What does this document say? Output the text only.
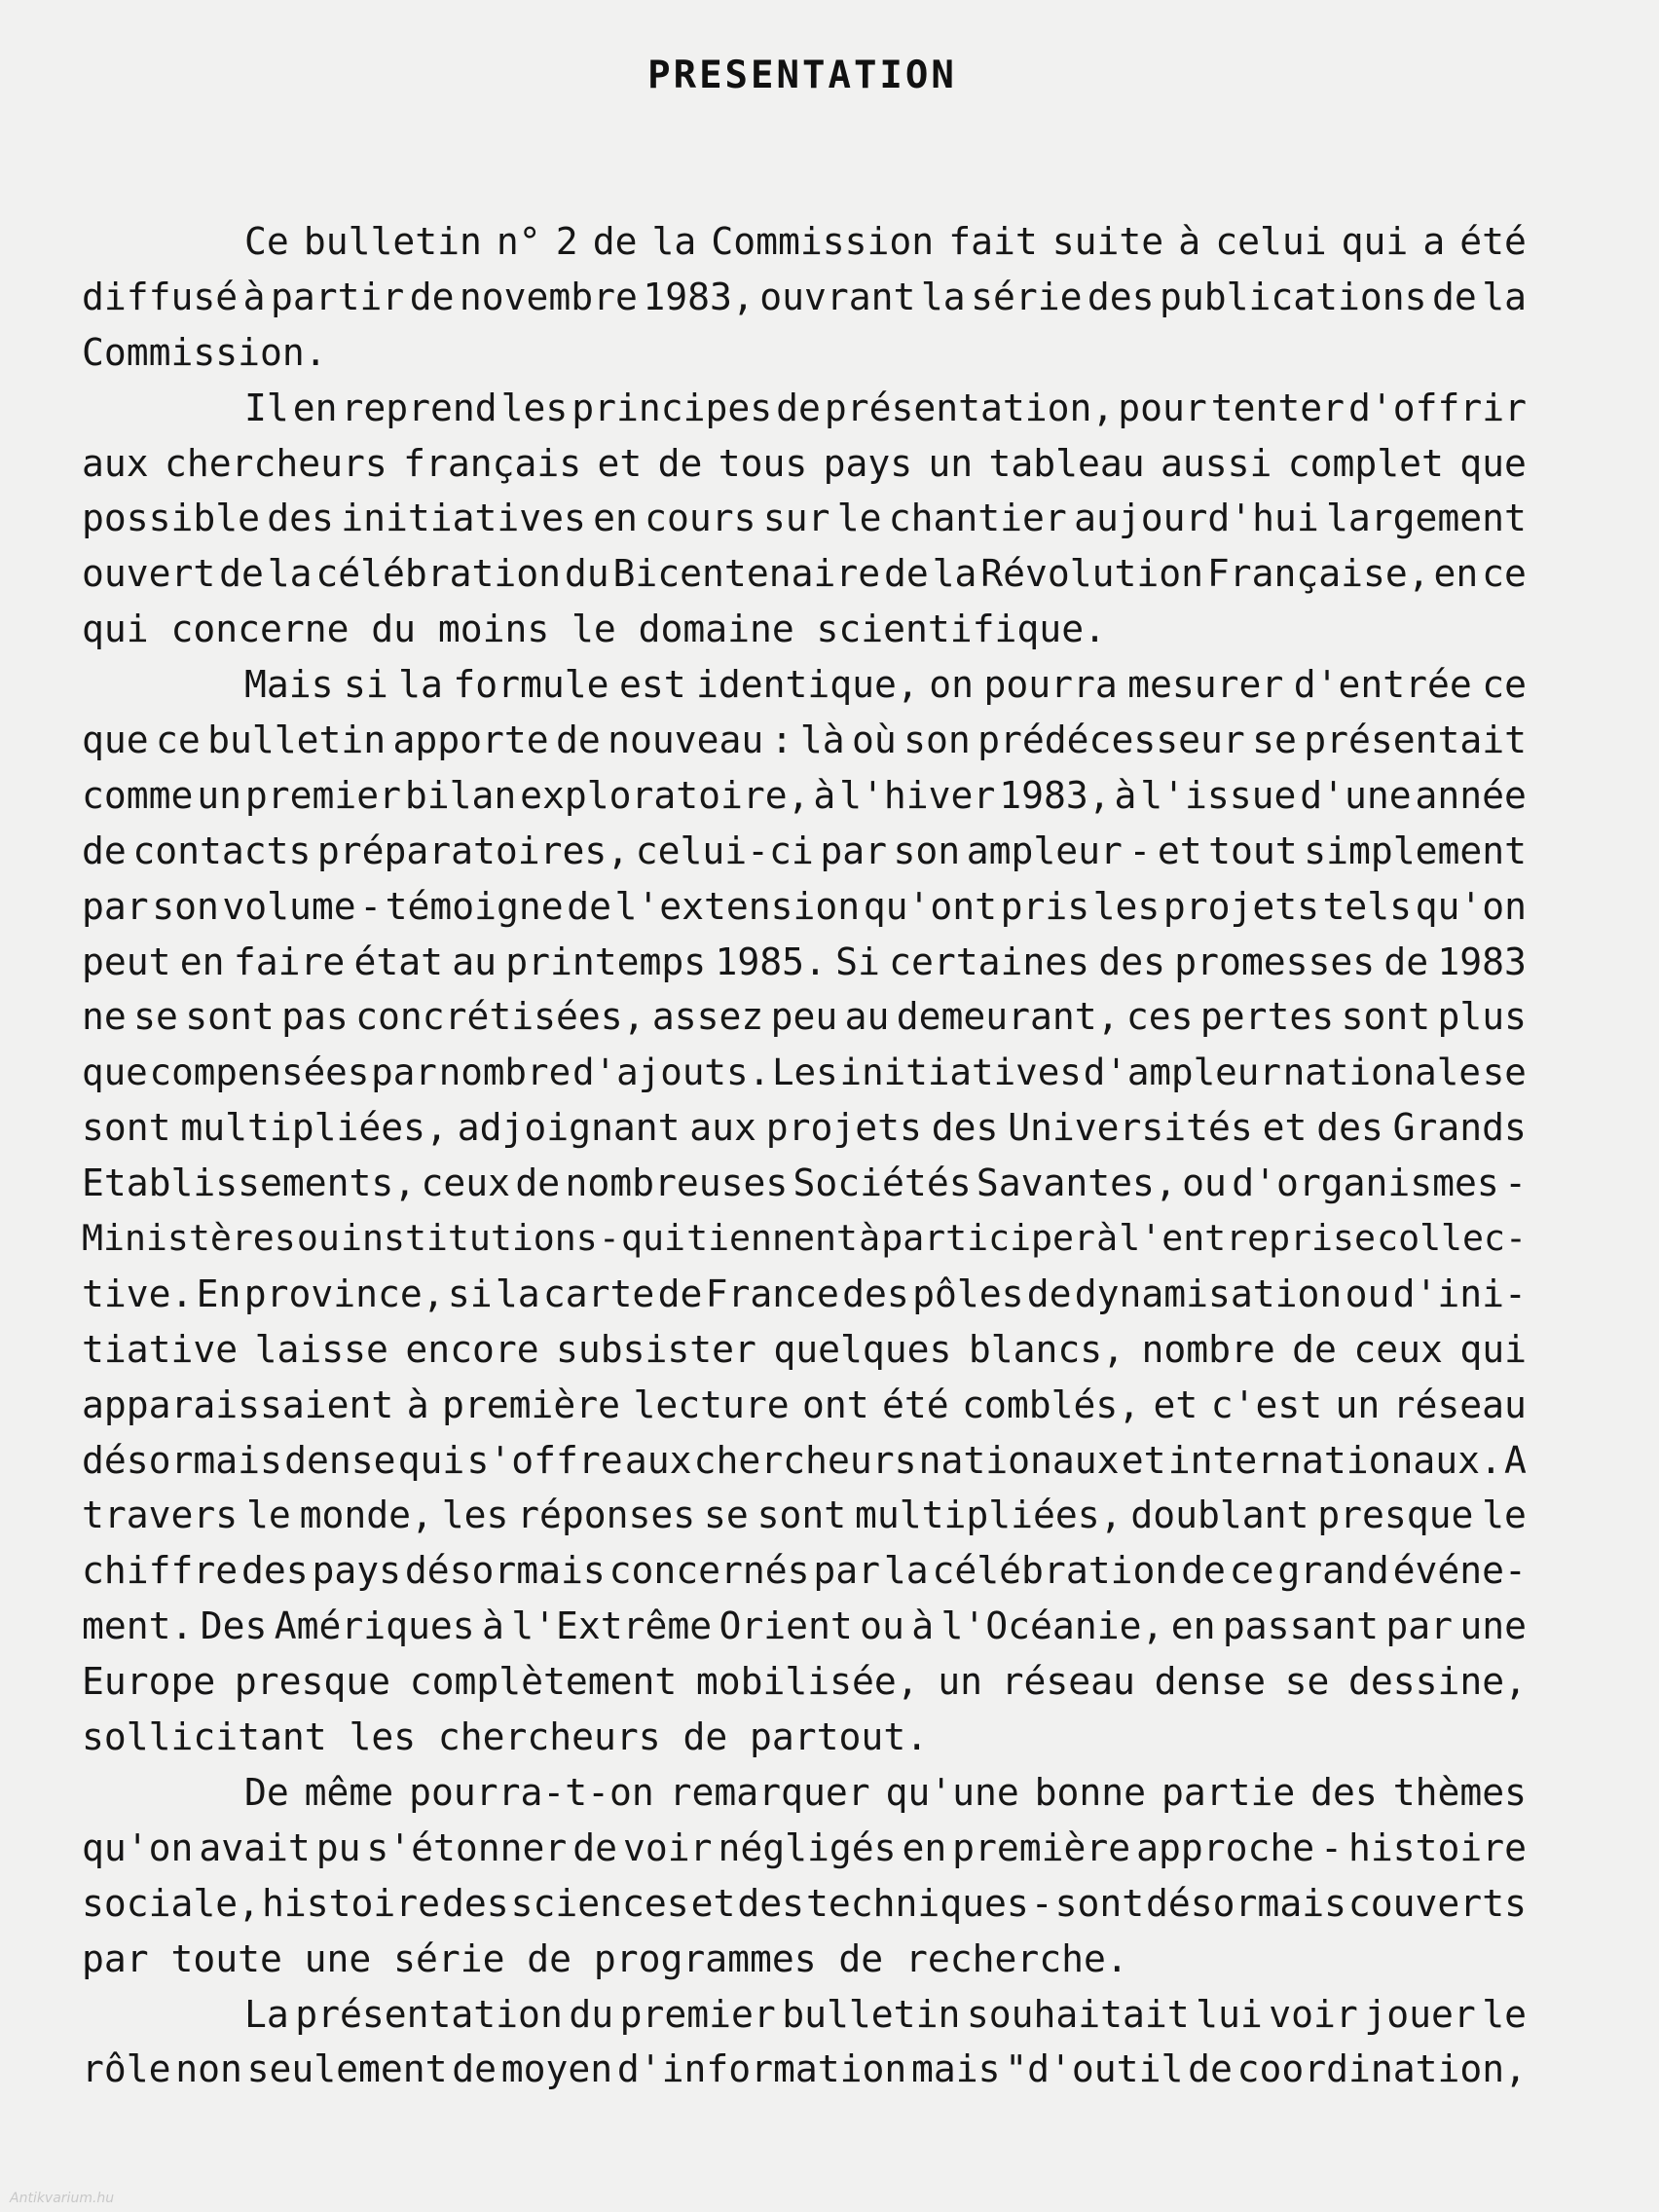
PRESENTATION
Ce bulletin n° 2 de la Commission fait suite à celui qui a été
diffusé à partir de novembre 1983, ouvrant la série des publications de la
Commission.
Il en reprend les principes de présentation, pour tenter d'offrir
aux chercheurs français et de tous pays un tableau aussi complet que
possible des initiatives en cours sur le chantier aujourd'hui largement
ouvert de la célébration du Bicentenaire de la Révolution Française, en ce
qui concerne du moins le domaine scientifique.
Mais si la formule est identique, on pourra mesurer d'entrée ce
que ce bulletin apporte de nouveau : là où son prédécesseur se présentait
comme un premier bilan exploratoire, à l'hiver 1983, à l'issue d'une année
de contacts préparatoires, celui-ci par son ampleur - et tout simplement
par son volume - témoigne de l'extension qu'ont pris les projets tels qu'on
peut en faire état au printemps 1985. Si certaines des promesses de 1983
ne se sont pas concrétisées, assez peu au demeurant, ces pertes sont plus
que compensées par nombre d'ajouts. Les initiatives d'ampleur nationale se
sont multipliées, adjoignant aux projets des Universités et des Grands
Etablissements, ceux de nombreuses Sociétés Savantes, ou d'organismes -
Ministères ou institutions - qui tiennent à participer à l'entreprise collec-
tive. En province, si la carte de France des pôles de dynamisation ou d'ini-
tiative laisse encore subsister quelques blancs, nombre de ceux qui
apparaissaient à première lecture ont été comblés, et c'est un réseau
désormais dense qui s'offre aux chercheurs nationaux et internationaux. A
travers le monde, les réponses se sont multipliées, doublant presque le
chiffre des pays désormais concernés par la célébration de ce grand événe-
ment. Des Amériques à l'Extrême Orient ou à l'Océanie, en passant par une
Europe presque complètement mobilisée, un réseau dense se dessine,
sollicitant les chercheurs de partout.
De même pourra-t-on remarquer qu'une bonne partie des thèmes
qu'on avait pu s'étonner de voir négligés en première approche - histoire
sociale, histoire des sciences et des techniques - sont désormais couverts
par toute une série de programmes de recherche.
La présentation du premier bulletin souhaitait lui voir jouer le
rôle non seulement de moyen d'information mais "d'outil de coordination,
Antikvarium.hu
